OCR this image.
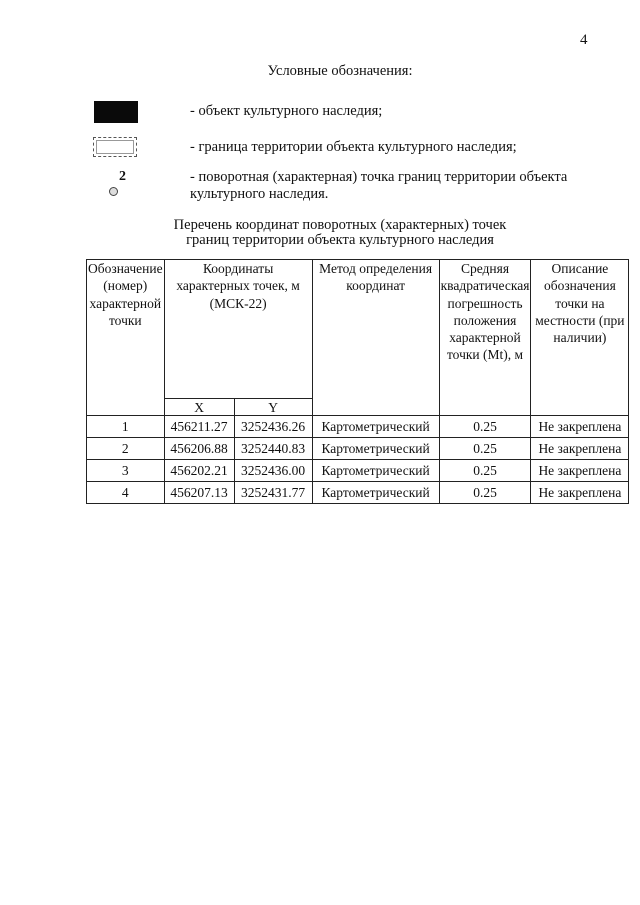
4
Условные обозначения:
- объект культурного наследия;
- граница территории объекта культурного наследия;
2	- поворотная (характерная) точка границ территории объекта культурного наследия.
Перечень координат поворотных (характерных) точек
границ территории объекта культурного наследия
Обозначение (номер) характерной точки	Координаты характерных точек, м (МСК-22)		Метод определения координат	Средняя квадратическая погрешность положения характерной точки (Mt), м	Описание обозначения точки на местности (при наличии)
	X	Y			
1	456211.27	3252436.26	Картометрический	0.25	Не закреплена
2	456206.88	3252440.83	Картометрический	0.25	Не закреплена
3	456202.21	3252436.00	Картометрический	0.25	Не закреплена
4	456207.13	3252431.77	Картометрический	0.25	Не закреплена
